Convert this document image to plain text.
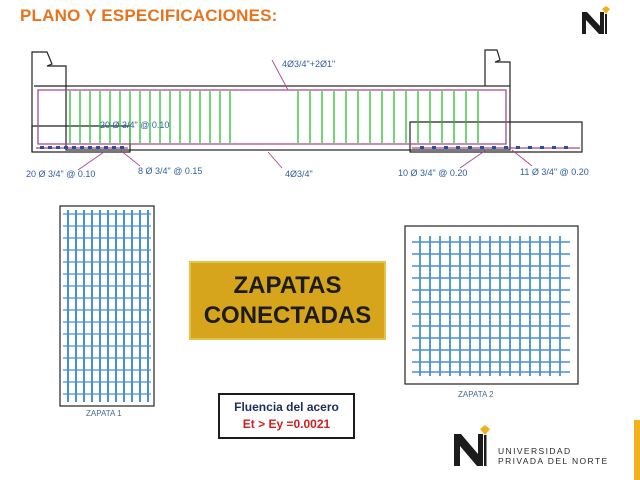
PLANO Y ESPECIFICACIONES:
4Ø3/4"+2Ø1"
20 Ø 3/4" @ 0.10
4Ø3/4"
20 Ø 3/4" @ 0.10	8 Ø 3/4" @ 0.15	10 Ø 3/4" @ 0.20	11 Ø 3/4" @ 0.20
ZAPATA 1
ZAPATA 2
ZAPATAS
CONECTADAS
Fluencia del acero
Et > Ey =0.0021
UNIVERSIDAD
PRIVADA DEL NORTE
